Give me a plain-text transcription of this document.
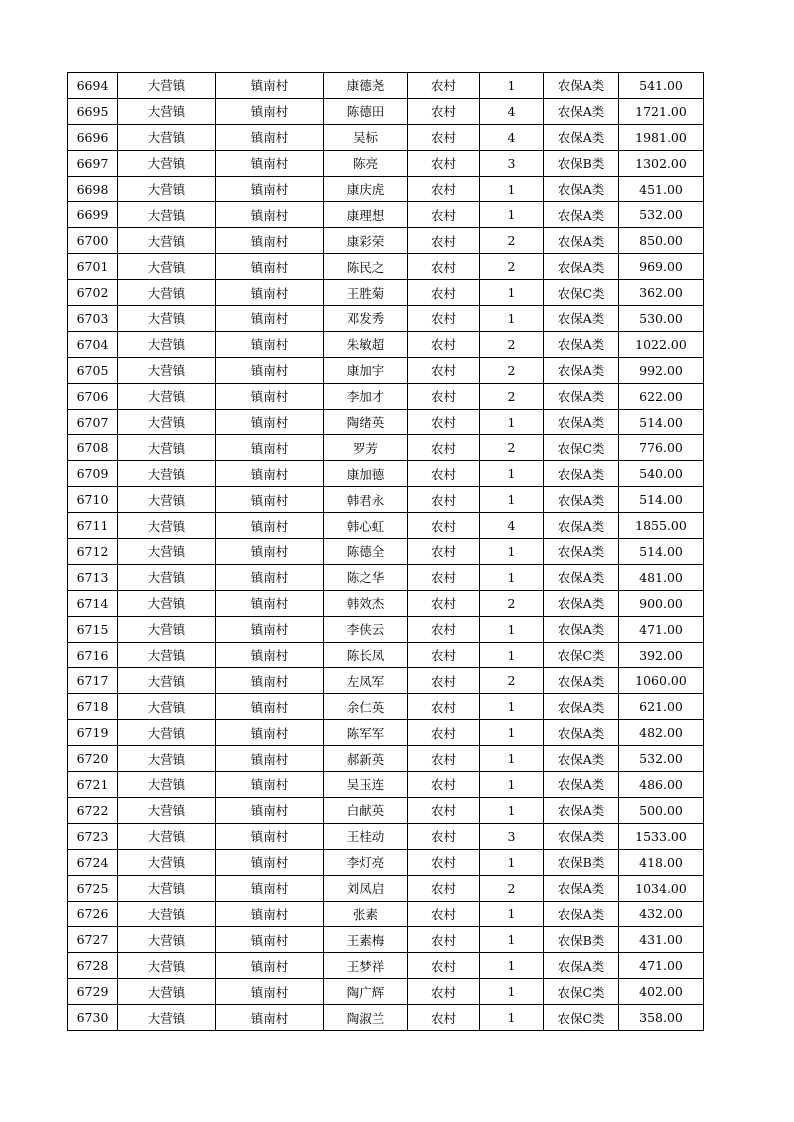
6694	大营镇	镇南村	康德尧	农村	1	农保A类	541.00
6695	大营镇	镇南村	陈德田	农村	4	农保A类	1721.00
6696	大营镇	镇南村	吴标	农村	4	农保A类	1981.00
6697	大营镇	镇南村	陈亮	农村	3	农保B类	1302.00
6698	大营镇	镇南村	康庆虎	农村	1	农保A类	451.00
6699	大营镇	镇南村	康理想	农村	1	农保A类	532.00
6700	大营镇	镇南村	康彩荣	农村	2	农保A类	850.00
6701	大营镇	镇南村	陈民之	农村	2	农保A类	969.00
6702	大营镇	镇南村	王胜菊	农村	1	农保C类	362.00
6703	大营镇	镇南村	邓发秀	农村	1	农保A类	530.00
6704	大营镇	镇南村	朱敏超	农村	2	农保A类	1022.00
6705	大营镇	镇南村	康加宇	农村	2	农保A类	992.00
6706	大营镇	镇南村	李加才	农村	2	农保A类	622.00
6707	大营镇	镇南村	陶绪英	农村	1	农保A类	514.00
6708	大营镇	镇南村	罗芳	农村	2	农保C类	776.00
6709	大营镇	镇南村	康加德	农村	1	农保A类	540.00
6710	大营镇	镇南村	韩君永	农村	1	农保A类	514.00
6711	大营镇	镇南村	韩心虹	农村	4	农保A类	1855.00
6712	大营镇	镇南村	陈德全	农村	1	农保A类	514.00
6713	大营镇	镇南村	陈之华	农村	1	农保A类	481.00
6714	大营镇	镇南村	韩效杰	农村	2	农保A类	900.00
6715	大营镇	镇南村	李侠云	农村	1	农保A类	471.00
6716	大营镇	镇南村	陈长凤	农村	1	农保C类	392.00
6717	大营镇	镇南村	左凤军	农村	2	农保A类	1060.00
6718	大营镇	镇南村	余仁英	农村	1	农保A类	621.00
6719	大营镇	镇南村	陈军军	农村	1	农保A类	482.00
6720	大营镇	镇南村	郝新英	农村	1	农保A类	532.00
6721	大营镇	镇南村	吴玉连	农村	1	农保A类	486.00
6722	大营镇	镇南村	白献英	农村	1	农保A类	500.00
6723	大营镇	镇南村	王桂动	农村	3	农保A类	1533.00
6724	大营镇	镇南村	李灯亮	农村	1	农保B类	418.00
6725	大营镇	镇南村	刘凤启	农村	2	农保A类	1034.00
6726	大营镇	镇南村	张素	农村	1	农保A类	432.00
6727	大营镇	镇南村	王素梅	农村	1	农保B类	431.00
6728	大营镇	镇南村	王梦祥	农村	1	农保A类	471.00
6729	大营镇	镇南村	陶广辉	农村	1	农保C类	402.00
6730	大营镇	镇南村	陶淑兰	农村	1	农保C类	358.00
